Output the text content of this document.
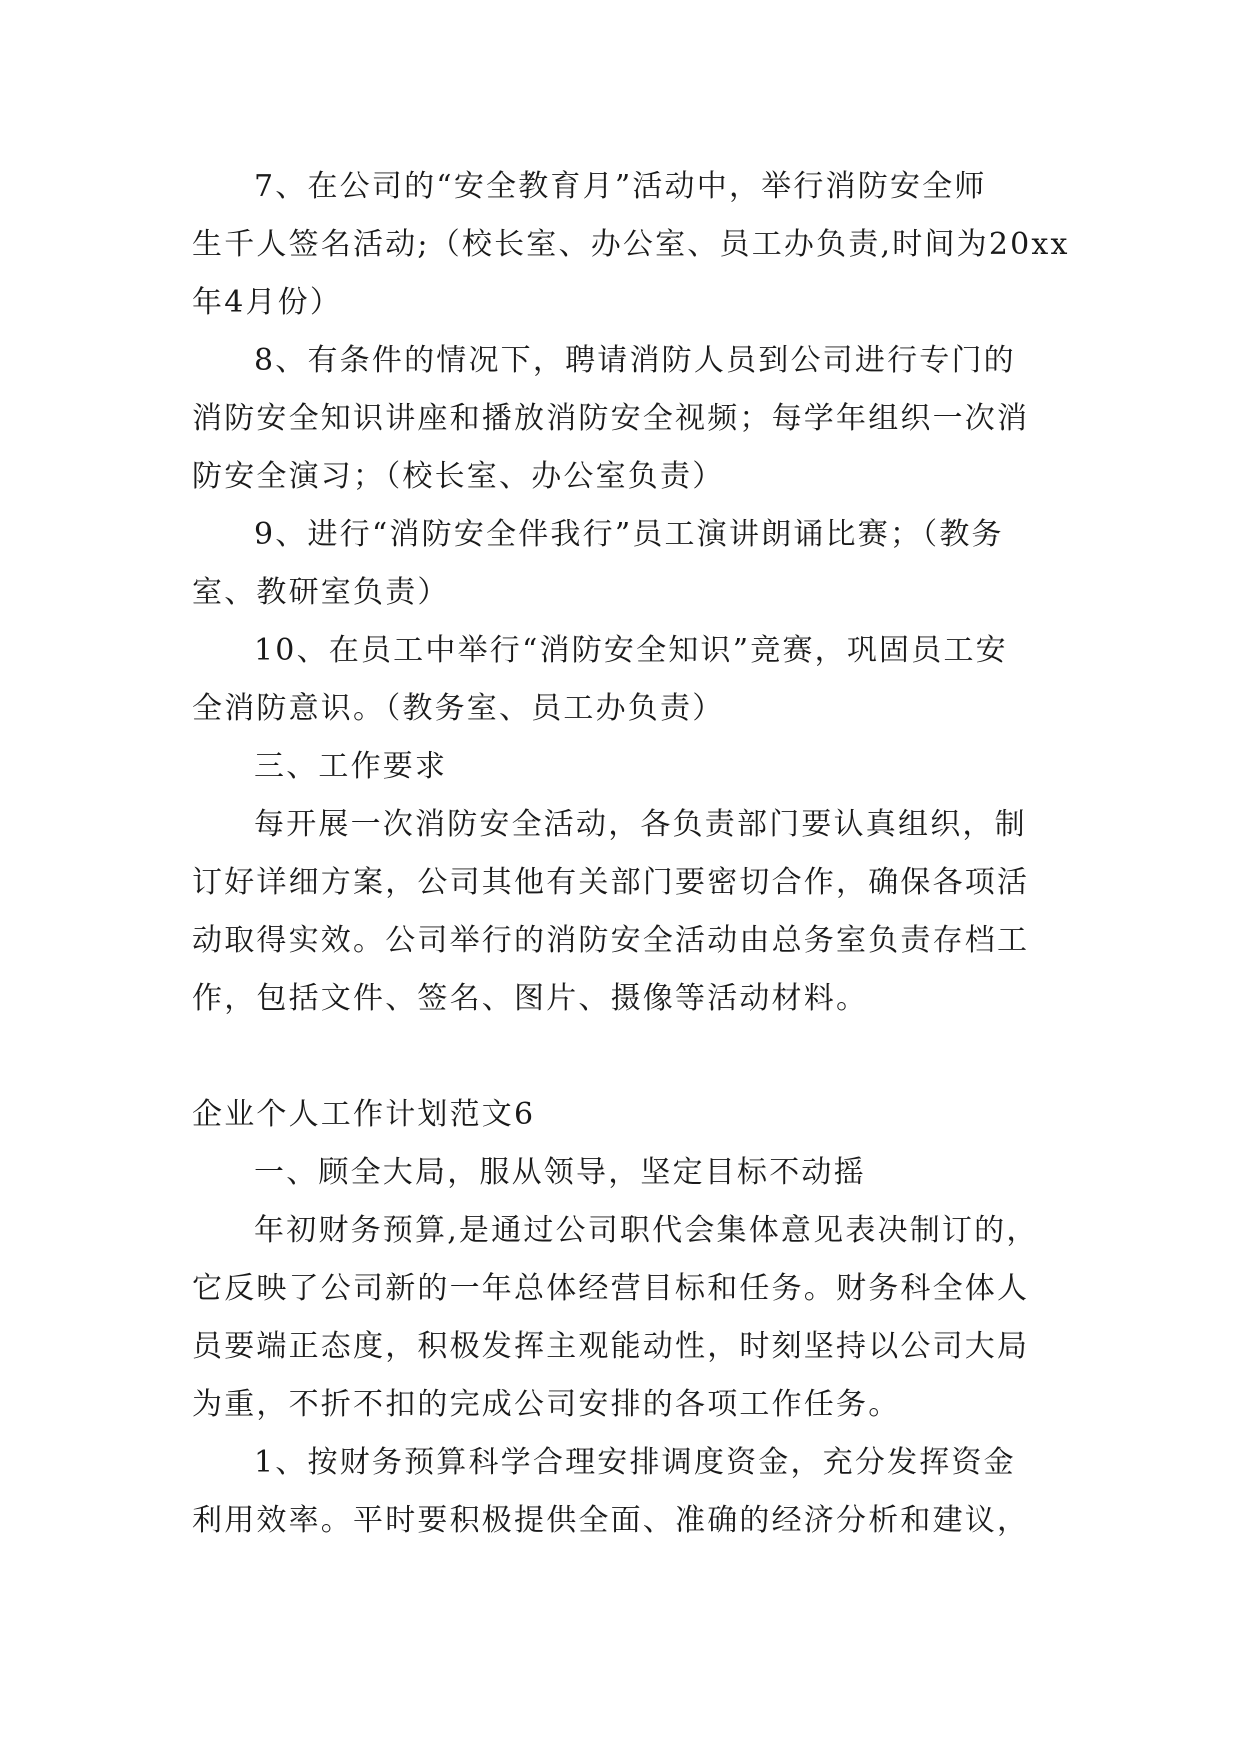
7、在公司的“安全教育月”活动中，举行消防安全师
生千人签名活动;（校长室、办公室、员工办负责,时间为20xx
年4月份）
8、有条件的情况下，聘请消防人员到公司进行专门的
消防安全知识讲座和播放消防安全视频；每学年组织一次消
防安全演习；（校长室、办公室负责）
9、进行“消防安全伴我行”员工演讲朗诵比赛；（教务
室、教研室负责）
10、在员工中举行“消防安全知识”竞赛，巩固员工安
全消防意识。（教务室、员工办负责）
三、工作要求
每开展一次消防安全活动，各负责部门要认真组织，制
订好详细方案，公司其他有关部门要密切合作，确保各项活
动取得实效。公司举行的消防安全活动由总务室负责存档工
作，包括文件、签名、图片、摄像等活动材料。
企业个人工作计划范文6
一、顾全大局，服从领导，坚定目标不动摇
年初财务预算,是通过公司职代会集体意见表决制订的，
它反映了公司新的一年总体经营目标和任务。财务科全体人
员要端正态度，积极发挥主观能动性，时刻坚持以公司大局
为重，不折不扣的完成公司安排的各项工作任务。
1、按财务预算科学合理安排调度资金，充分发挥资金
利用效率。平时要积极提供全面、准确的经济分析和建议，
